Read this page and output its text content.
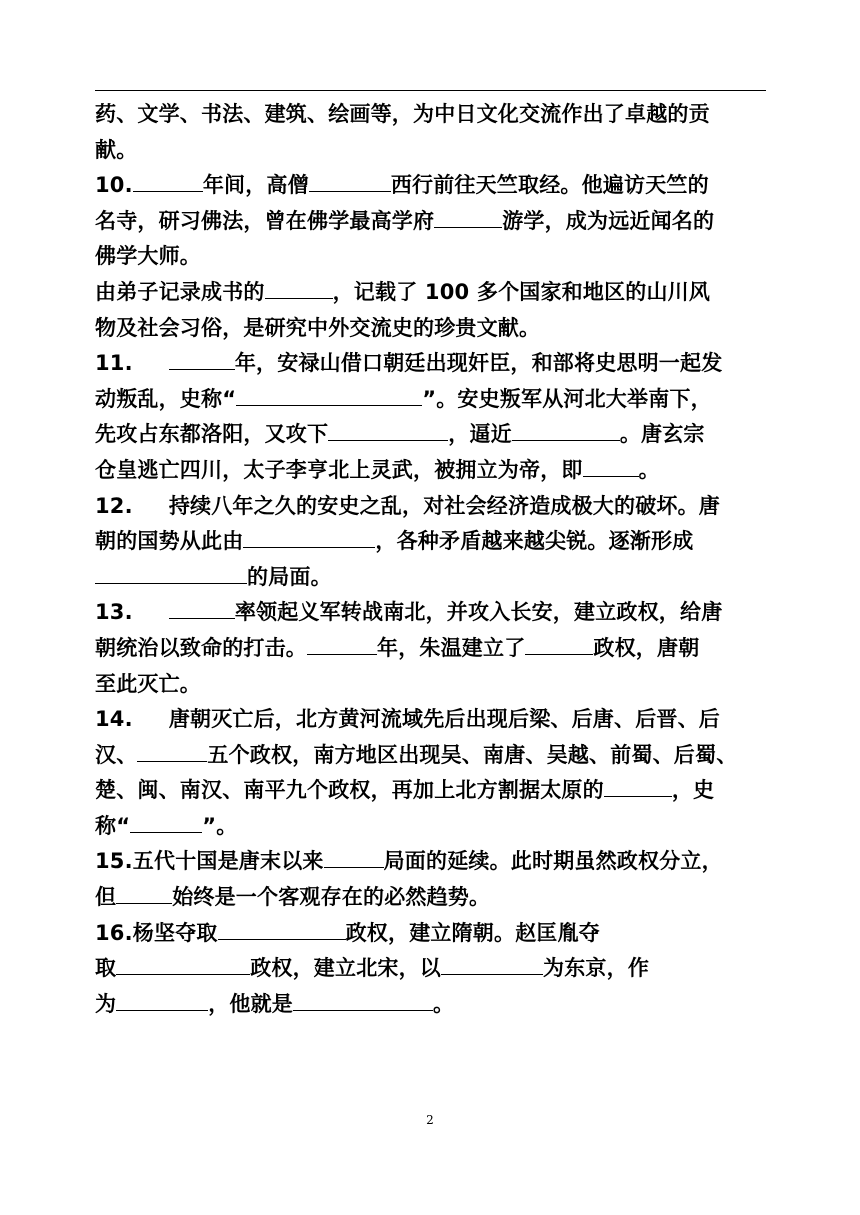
药、文学、书法、建筑、绘画等，为中日文化交流作出了卓越的贡
献。
10.	年间，高僧	西行前往天竺取经。他遍访天竺的
名寺，研习佛法，曾在佛学最高学府	游学，成为远近闻名的
佛学大师。
由弟子记录成书的	，记载了 100 多个国家和地区的山川风
物及社会习俗，是研究中外交流史的珍贵文献。
11.	年，安禄山借口朝廷出现奸臣，和部将史思明一起发
动叛乱，史称“	”。安史叛军从河北大举南下，
先攻占东都洛阳，又攻下	，逼近	。唐玄宗
仓皇逃亡四川，太子李亨北上灵武，被拥立为帝，即	。
12. 持续八年之久的安史之乱，对社会经济造成极大的破坏。唐
朝的国势从此由	，各种矛盾越来越尖锐。逐渐形成
的局面。
13.	率领起义军转战南北，并攻入长安，建立政权，给唐
朝统治以致命的打击。	年，朱温建立了	政权，唐朝
至此灭亡。
14. 唐朝灭亡后，北方黄河流域先后出现后梁、后唐、后晋、后
汉、	五个政权，南方地区出现吴、南唐、吴越、前蜀、后蜀、
楚、闽、南汉、南平九个政权，再加上北方割据太原的	，史
称“	”。
15.五代十国是唐末以来	局面的延续。此时期虽然政权分立，
但	始终是一个客观存在的必然趋势。
16.杨坚夺取	政权，建立隋朝。赵匡胤夺
取	政权，建立北宋，以	为东京，作
为	，他就是	。
2
